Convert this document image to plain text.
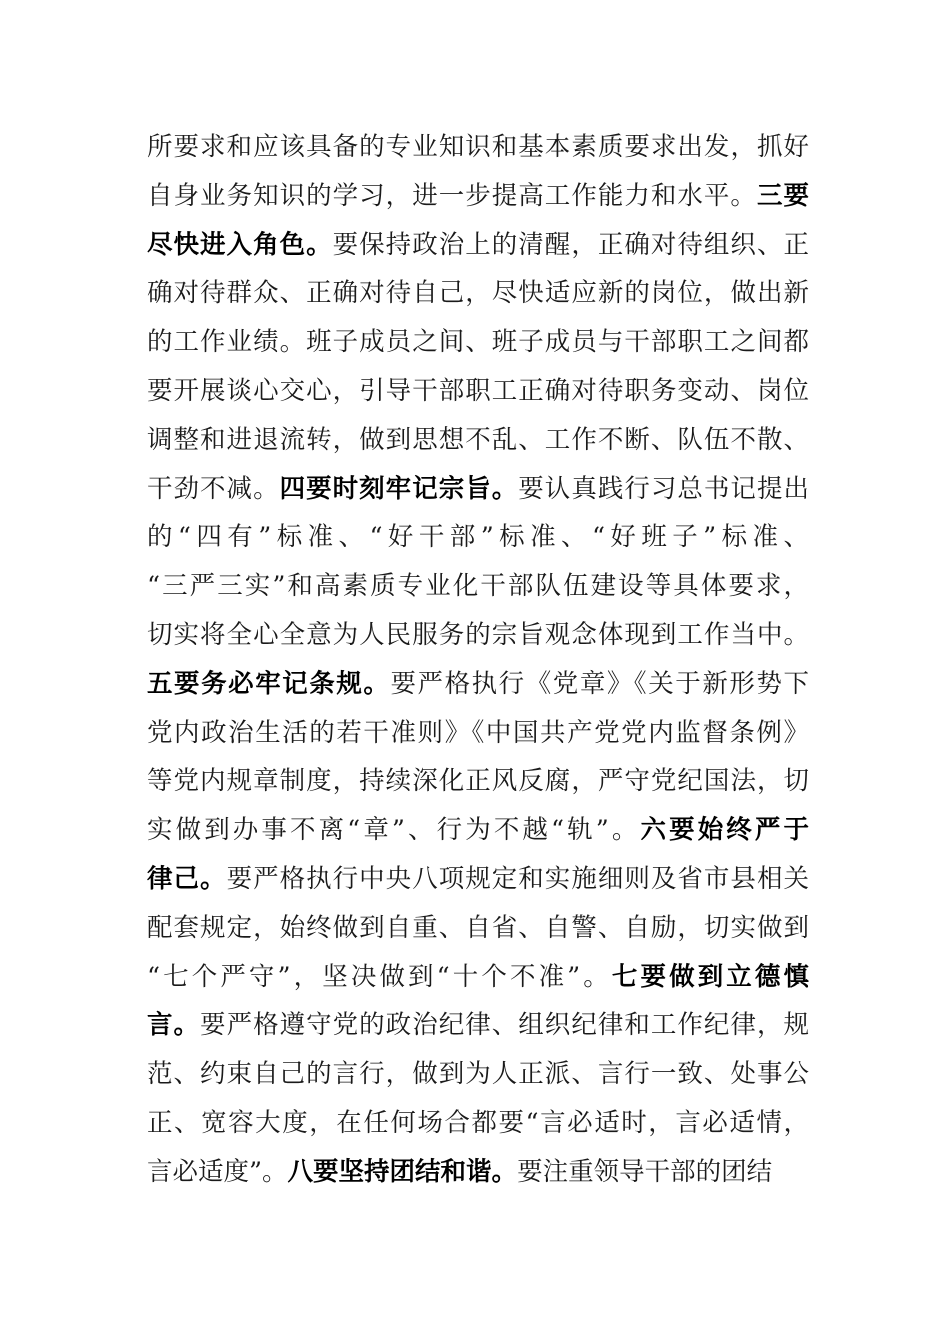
所要求和应该具备的专业知识和基本素质要求出发，抓好
自身业务知识的学习，进一步提高工作能力和水平。三要
尽快进入角色。要保持政治上的清醒，正确对待组织、正
确对待群众、正确对待自己，尽快适应新的岗位，做出新
的工作业绩。班子成员之间、班子成员与干部职工之间都
要开展谈心交心，引导干部职工正确对待职务变动、岗位
调整和进退流转，做到思想不乱、工作不断、队伍不散、
干劲不减。四要时刻牢记宗旨。要认真践行习总书记提出
的“四有”标准、“好干部”标准、“好班子”标准、
“三严三实”和高素质专业化干部队伍建设等具体要求，
切实将全心全意为人民服务的宗旨观念体现到工作当中。
五要务必牢记条规。要严格执行《党章》《关于新形势下
党内政治生活的若干准则》《中国共产党党内监督条例》
等党内规章制度，持续深化正风反腐，严守党纪国法，切
实做到办事不离“章”、行为不越“轨”。六要始终严于
律己。要严格执行中央八项规定和实施细则及省市县相关
配套规定，始终做到自重、自省、自警、自励，切实做到
“七个严守”，坚决做到“十个不准”。七要做到立德慎
言。要严格遵守党的政治纪律、组织纪律和工作纪律，规
范、约束自己的言行，做到为人正派、言行一致、处事公
正、宽容大度，在任何场合都要“言必适时，言必适情，
言必适度”。八要坚持团结和谐。要注重领导干部的团结
